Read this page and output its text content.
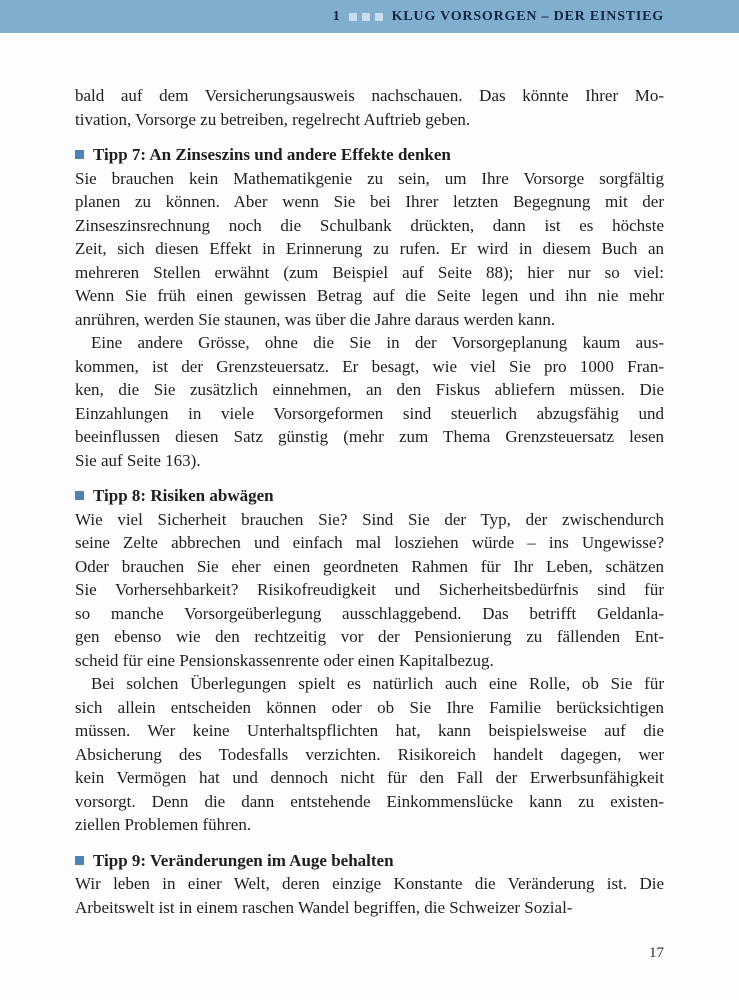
1	KLUG VORSORGEN – DER EINSTIEG
bald auf dem Versicherungsausweis nachschauen. Das könnte Ihrer Mo-
tivation, Vorsorge zu betreiben, regelrecht Auftrieb geben.
Tipp 7: An Zinseszins und andere Effekte denken
Sie brauchen kein Mathematikgenie zu sein, um Ihre Vorsorge sorgfältig
planen zu können. Aber wenn Sie bei Ihrer letzten Begegnung mit der
Zinseszinsrechnung noch die Schulbank drückten, dann ist es höchste
Zeit, sich diesen Effekt in Erinnerung zu rufen. Er wird in diesem Buch an
mehreren Stellen erwähnt (zum Beispiel auf Seite 88); hier nur so viel:
Wenn Sie früh einen gewissen Betrag auf die Seite legen und ihn nie mehr
anrühren, werden Sie staunen, was über die Jahre daraus werden kann.
Eine andere Grösse, ohne die Sie in der Vorsorgeplanung kaum aus-
kommen, ist der Grenzsteuersatz. Er besagt, wie viel Sie pro 1000 Fran-
ken, die Sie zusätzlich einnehmen, an den Fiskus abliefern müssen. Die
Einzahlungen in viele Vorsorgeformen sind steuerlich abzugsfähig und
beeinflussen diesen Satz günstig (mehr zum Thema Grenzsteuersatz lesen
Sie auf Seite 163).
Tipp 8: Risiken abwägen
Wie viel Sicherheit brauchen Sie? Sind Sie der Typ, der zwischendurch
seine Zelte abbrechen und einfach mal losziehen würde – ins Ungewisse?
Oder brauchen Sie eher einen geordneten Rahmen für Ihr Leben, schätzen
Sie Vorhersehbarkeit? Risikofreudigkeit und Sicherheitsbedürfnis sind für
so manche Vorsorgeüberlegung ausschlaggebend. Das betrifft Geldanla-
gen ebenso wie den rechtzeitig vor der Pensionierung zu fällenden Ent-
scheid für eine Pensionskassenrente oder einen Kapitalbezug.
Bei solchen Überlegungen spielt es natürlich auch eine Rolle, ob Sie für
sich allein entscheiden können oder ob Sie Ihre Familie berücksichtigen
müssen. Wer keine Unterhaltspflichten hat, kann beispielsweise auf die
Absicherung des Todesfalls verzichten. Risikoreich handelt dagegen, wer
kein Vermögen hat und dennoch nicht für den Fall der Erwerbsunfähigkeit
vorsorgt. Denn die dann entstehende Einkommenslücke kann zu existen-
ziellen Problemen führen.
Tipp 9: Veränderungen im Auge behalten
Wir leben in einer Welt, deren einzige Konstante die Veränderung ist. Die
Arbeitswelt ist in einem raschen Wandel begriffen, die Schweizer Sozial-
17
